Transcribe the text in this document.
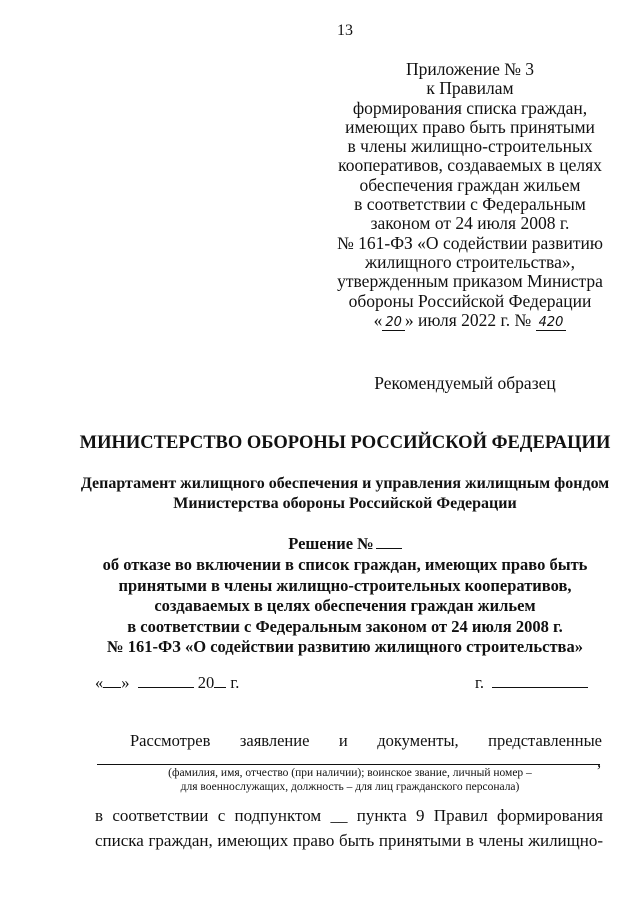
13
Приложение № 3
к Правилам
формирования списка граждан,
имеющих право быть принятыми
в члены жилищно-строительных
кооперативов, создаваемых в целях
обеспечения граждан жильем
в соответствии с Федеральным
законом от 24 июля 2008 г.
№ 161-ФЗ «О содействии развитию
жилищного строительства»,
утвержденным приказом Министра
обороны Российской Федерации
« 20 » июля 2022 г. № 420
Рекомендуемый образец
МИНИСТЕРСТВО ОБОРОНЫ РОССИЙСКОЙ ФЕДЕРАЦИИ
Департамент жилищного обеспечения и управления жилищным фондом Министерства обороны Российской Федерации
Решение №
об отказе во включении в список граждан, имеющих право быть
принятыми в члены жилищно-строительных кооперативов,
создаваемых в целях обеспечения граждан жильем
в соответствии с Федеральным законом от 24 июля 2008 г.
№ 161-ФЗ «О содействии развитию жилищного строительства»
« »	20 г.	г.
Рассмотрев заявление и документы, представленные
,
(фамилия, имя, отчество (при наличии); воинское звание, личный номер –
для военнослужащих, должность – для лиц гражданского персонала)
в соответствии с подпунктом __ пункта 9 Правил формирования
списка граждан, имеющих право быть принятыми в члены жилищно-
